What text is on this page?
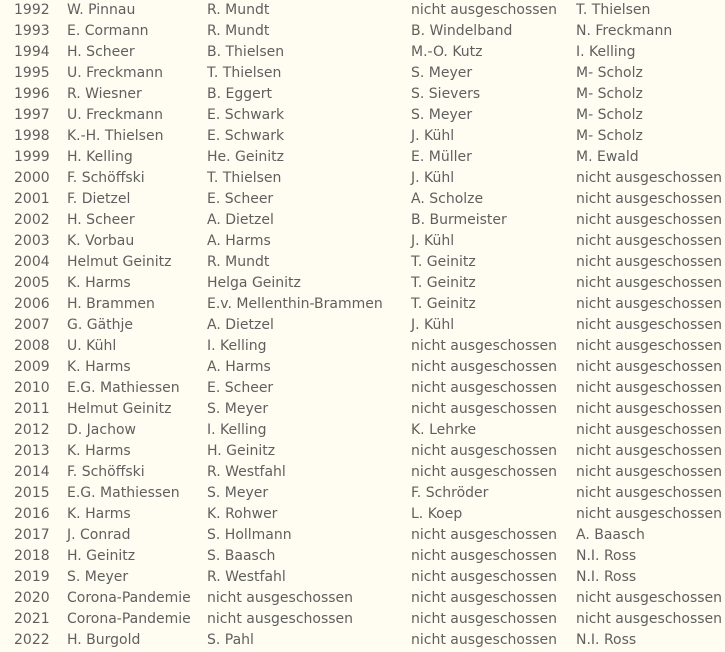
1992	W. Pinnau	R. Mundt	nicht ausgeschossen	T. Thielsen
1993	E. Cormann	R. Mundt	B. Windelband	N. Freckmann
1994	H. Scheer	B. Thielsen	M.-O. Kutz	I. Kelling
1995	U. Freckmann	T. Thielsen	S. Meyer	M- Scholz
1996	R. Wiesner	B. Eggert	S. Sievers	M- Scholz
1997	U. Freckmann	E. Schwark	S. Meyer	M- Scholz
1998	K.-H. Thielsen	E. Schwark	J. Kühl	M- Scholz
1999	H. Kelling	He. Geinitz	E. Müller	M. Ewald
2000	F. Schöffski	T. Thielsen	J. Kühl	nicht ausgeschossen
2001	F. Dietzel	E. Scheer	A. Scholze	nicht ausgeschossen
2002	H. Scheer	A. Dietzel	B. Burmeister	nicht ausgeschossen
2003	K. Vorbau	A. Harms	J. Kühl	nicht ausgeschossen
2004	Helmut Geinitz	R. Mundt	T. Geinitz	nicht ausgeschossen
2005	K. Harms	Helga Geinitz	T. Geinitz	nicht ausgeschossen
2006	H. Brammen	E.v. Mellenthin-Brammen	T. Geinitz	nicht ausgeschossen
2007	G. Gäthje	A. Dietzel	J. Kühl	nicht ausgeschossen
2008	U. Kühl	I. Kelling	nicht ausgeschossen	nicht ausgeschossen
2009	K. Harms	A. Harms	nicht ausgeschossen	nicht ausgeschossen
2010	E.G. Mathiessen	E. Scheer	nicht ausgeschossen	nicht ausgeschossen
2011	Helmut Geinitz	S. Meyer	nicht ausgeschossen	nicht ausgeschossen
2012	D. Jachow	I. Kelling	K. Lehrke	nicht ausgeschossen
2013	K. Harms	H. Geinitz	nicht ausgeschossen	nicht ausgeschossen
2014	F. Schöffski	R. Westfahl	nicht ausgeschossen	nicht ausgeschossen
2015	E.G. Mathiessen	S. Meyer	F. Schröder	nicht ausgeschossen
2016	K. Harms	K. Rohwer	L. Koep	nicht ausgeschossen
2017	J. Conrad	S. Hollmann	nicht ausgeschossen	A. Baasch
2018	H. Geinitz	S. Baasch	nicht ausgeschossen	N.I. Ross
2019	S. Meyer	R. Westfahl	nicht ausgeschossen	N.I. Ross
2020	Corona-Pandemie	nicht ausgeschossen	nicht ausgeschossen	nicht ausgeschossen
2021	Corona-Pandemie	nicht ausgeschossen	nicht ausgeschossen	nicht ausgeschossen
2022	H. Burgold	S. Pahl	nicht ausgeschossen	N.I. Ross
